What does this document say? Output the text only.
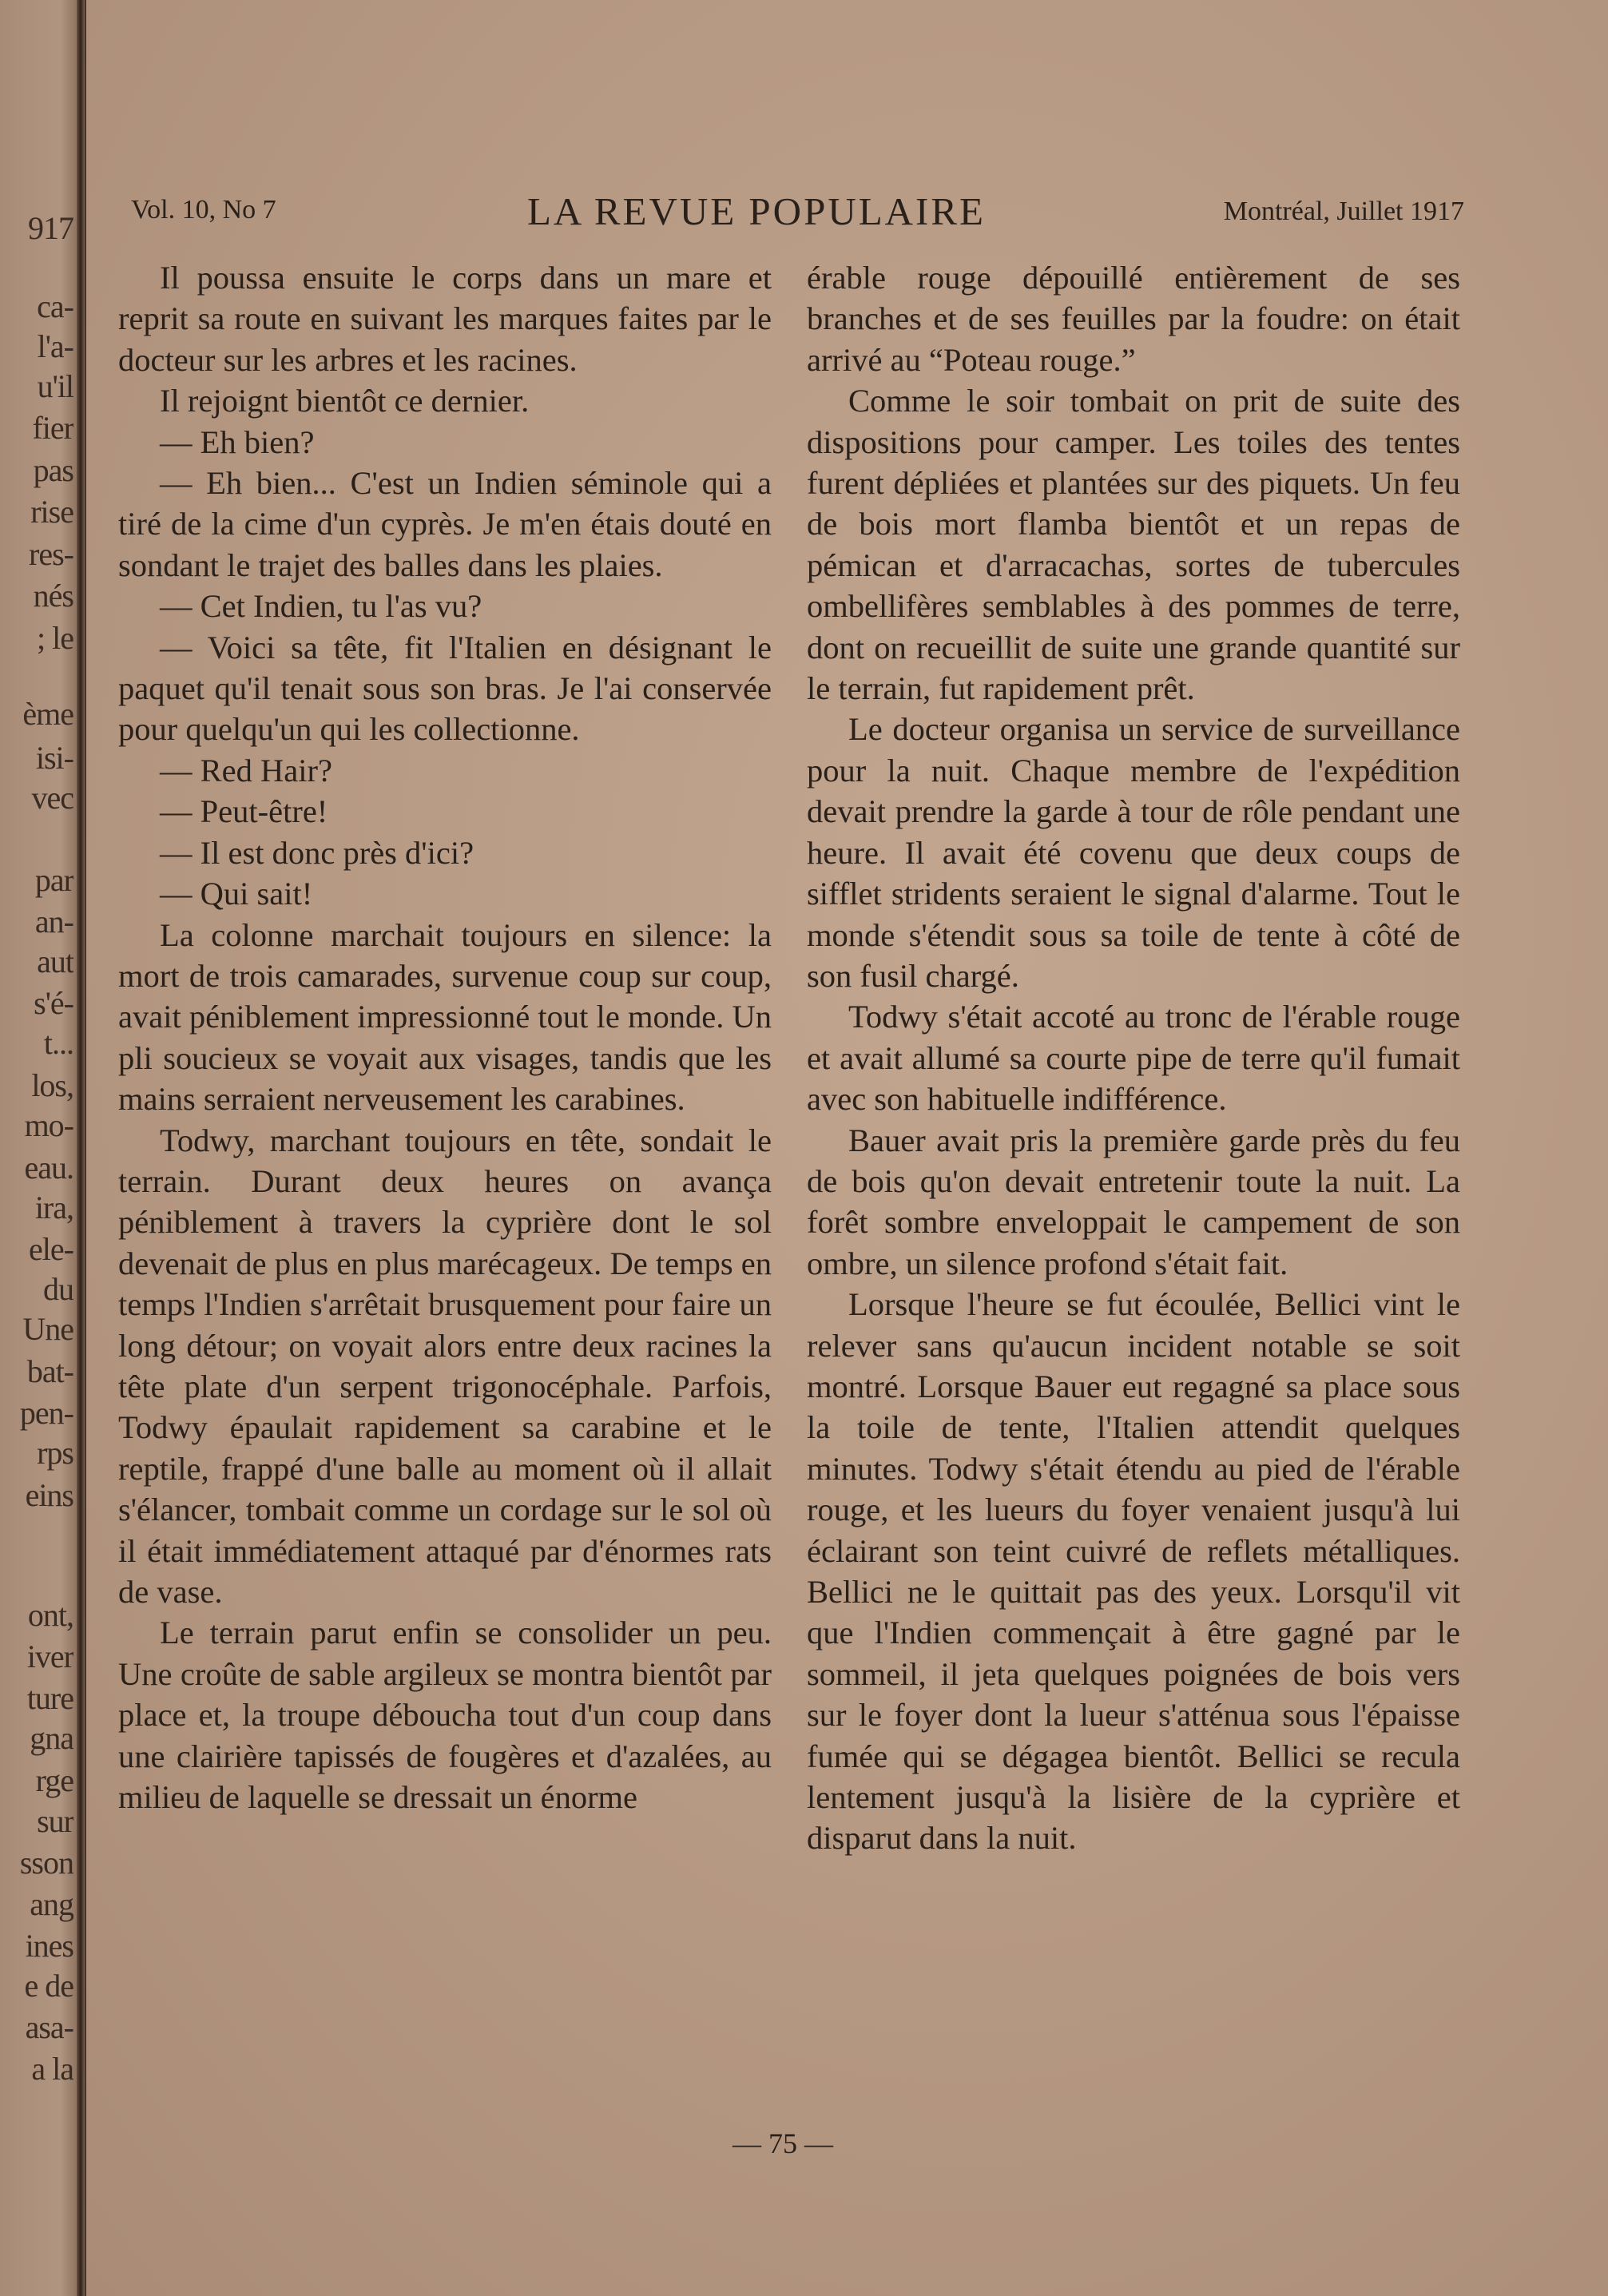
917
ca-
l'a-
u'il
fier
pas
rise
res-
nés
; le
ème
isi-
vec
par
an-
aut
s'é-
t...
los,
mo-
eau.
ira,
ele-
du
Une
bat-
pen-
rps
eins
ont,
iver
ture
gna
rge
sur
sson
ang
ines
e de
asa-
a la
Vol. 10, No 7	LA REVUE POPULAIRE	Montréal, Juillet 1917

Il poussa ensuite le corps dans un mare et reprit sa route en suivant les marques faites par le docteur sur les arbres et les racines.

Il rejoignt bientôt ce dernier.

— Eh bien?

— Eh bien... C'est un Indien séminole qui a tiré de la cime d'un cyprès. Je m'en étais douté en sondant le trajet des balles dans les plaies.

— Cet Indien, tu l'as vu?

— Voici sa tête, fit l'Italien en désignant le paquet qu'il tenait sous son bras. Je l'ai conservée pour quelqu'un qui les collectionne.

— Red Hair?

— Peut-être!

— Il est donc près d'ici?

— Qui sait!

La colonne marchait toujours en silence: la mort de trois camarades, survenue coup sur coup, avait péniblement impressionné tout le monde. Un pli soucieux se voyait aux visages, tandis que les mains serraient nerveusement les carabines.

Todwy, marchant toujours en tête, sondait le terrain. Durant deux heures on avança péniblement à travers la cyprière dont le sol devenait de plus en plus marécageux. De temps en temps l'Indien s'arrêtait brusquement pour faire un long détour; on voyait alors entre deux racines la tête plate d'un serpent trigonocéphale. Parfois, Todwy épaulait rapidement sa carabine et le reptile, frappé d'une balle au moment où il allait s'élancer, tombait comme un cordage sur le sol où il était immédiatement attaqué par d'énormes rats de vase.

Le terrain parut enfin se consolider un peu. Une croûte de sable argileux se montra bientôt par place et, la troupe déboucha tout d'un coup dans une clairière tapissés de fougères et d'azalées, au milieu de laquelle se dressait un énorme

érable rouge dépouillé entièrement de ses branches et de ses feuilles par la foudre: on était arrivé au “Poteau rouge.”

Comme le soir tombait on prit de suite des dispositions pour camper. Les toiles des tentes furent dépliées et plantées sur des piquets. Un feu de bois mort flamba bientôt et un repas de pémican et d'arracachas, sortes de tubercules ombellifères semblables à des pommes de terre, dont on recueillit de suite une grande quantité sur le terrain, fut rapidement prêt.

Le docteur organisa un service de surveillance pour la nuit. Chaque membre de l'expédition devait prendre la garde à tour de rôle pendant une heure. Il avait été covenu que deux coups de sifflet stridents seraient le signal d'alarme. Tout le monde s'étendit sous sa toile de tente à côté de son fusil chargé.

Todwy s'était accoté au tronc de l'érable rouge et avait allumé sa courte pipe de terre qu'il fumait avec son habituelle indifférence.

Bauer avait pris la première garde près du feu de bois qu'on devait entretenir toute la nuit. La forêt sombre enveloppait le campement de son ombre, un silence profond s'était fait.

Lorsque l'heure se fut écoulée, Bellici vint le relever sans qu'aucun incident notable se soit montré. Lorsque Bauer eut regagné sa place sous la toile de tente, l'Italien attendit quelques minutes. Todwy s'était étendu au pied de l'érable rouge, et les lueurs du foyer venaient jusqu'à lui éclairant son teint cuivré de reflets métalliques. Bellici ne le quittait pas des yeux. Lorsqu'il vit que l'Indien commençait à être gagné par le sommeil, il jeta quelques poignées de bois vers sur le foyer dont la lueur s'atténua sous l'épaisse fumée qui se dégagea bientôt. Bellici se recula lentement jusqu'à la lisière de la cyprière et disparut dans la nuit.

— 75 —
